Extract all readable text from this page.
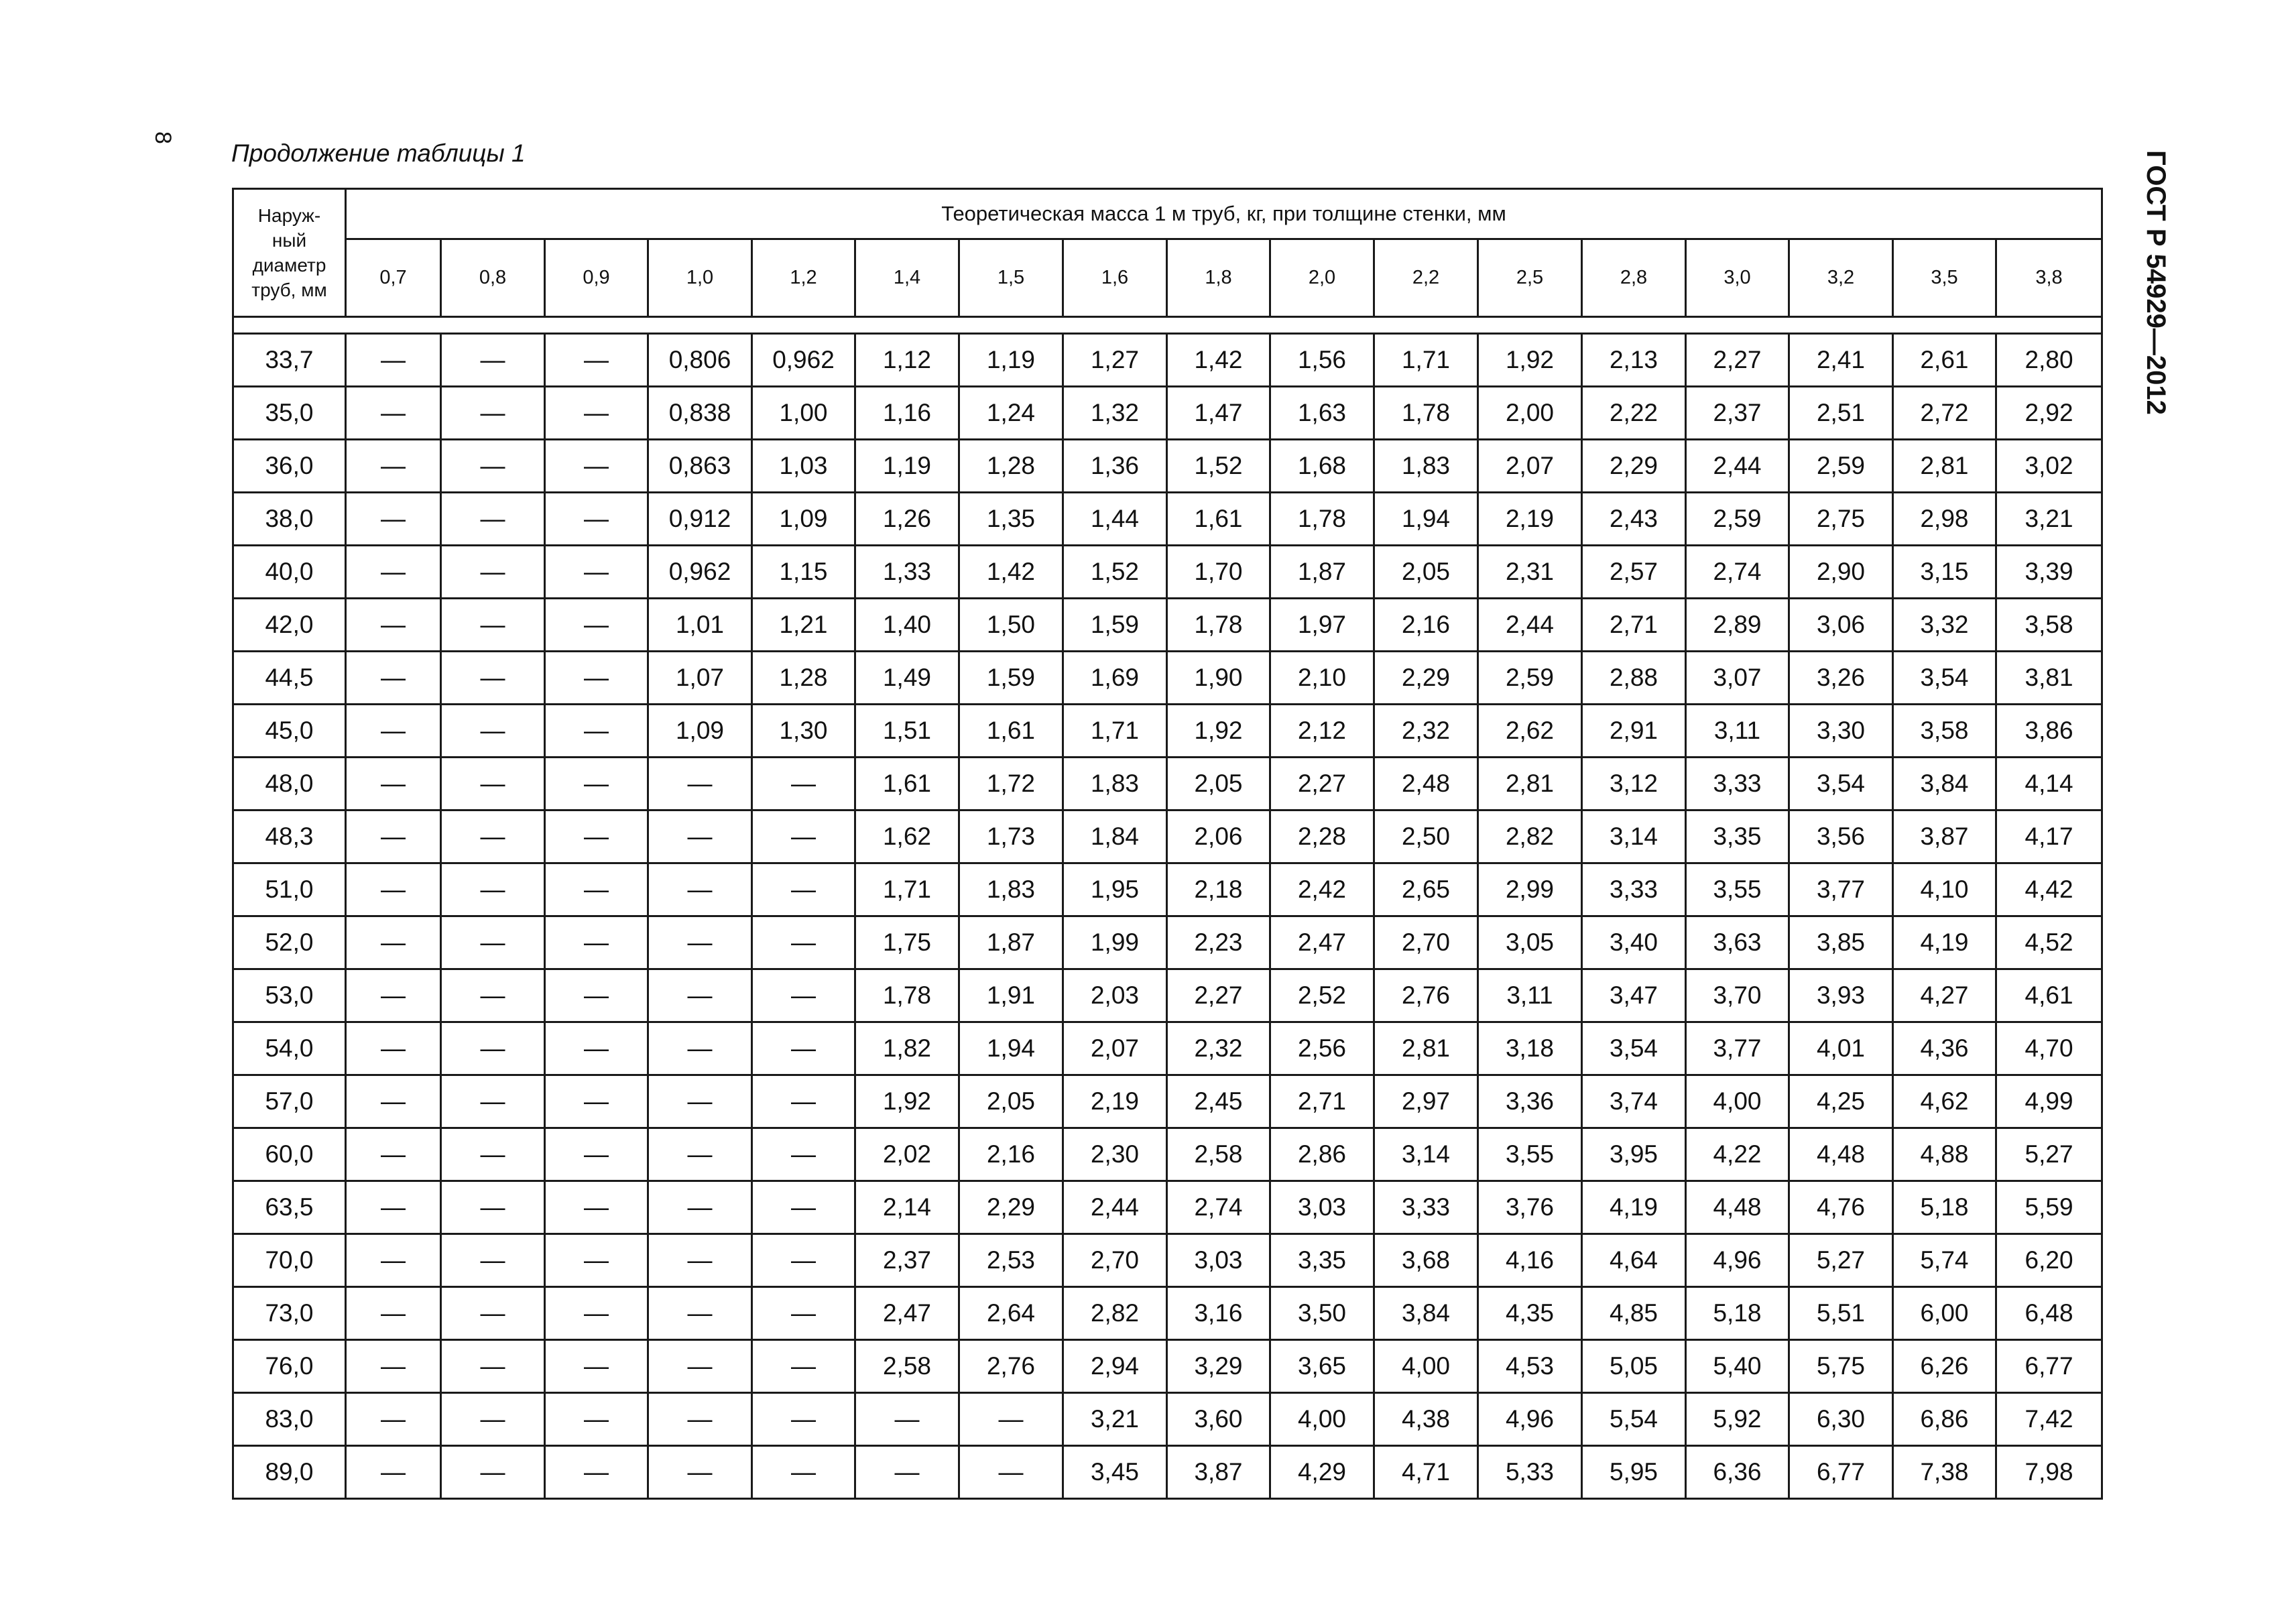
8
Продолжение таблицы 1	ГОСТ Р 54929—2012
Наруж-
ный
диаметр
труб, мм	Теоретическая масса 1 м труб, кг, при толщине стенки, мм																
	0,7	0,8	0,9	1,0	1,2	1,4	1,5	1,6	1,8	2,0	2,2	2,5	2,8	3,0	3,2	3,5	3,8

33,7	—	—	—	0,806	0,962	1,12	1,19	1,27	1,42	1,56	1,71	1,92	2,13	2,27	2,41	2,61	2,80
35,0	—	—	—	0,838	1,00	1,16	1,24	1,32	1,47	1,63	1,78	2,00	2,22	2,37	2,51	2,72	2,92
36,0	—	—	—	0,863	1,03	1,19	1,28	1,36	1,52	1,68	1,83	2,07	2,29	2,44	2,59	2,81	3,02
38,0	—	—	—	0,912	1,09	1,26	1,35	1,44	1,61	1,78	1,94	2,19	2,43	2,59	2,75	2,98	3,21
40,0	—	—	—	0,962	1,15	1,33	1,42	1,52	1,70	1,87	2,05	2,31	2,57	2,74	2,90	3,15	3,39
42,0	—	—	—	1,01	1,21	1,40	1,50	1,59	1,78	1,97	2,16	2,44	2,71	2,89	3,06	3,32	3,58
44,5	—	—	—	1,07	1,28	1,49	1,59	1,69	1,90	2,10	2,29	2,59	2,88	3,07	3,26	3,54	3,81
45,0	—	—	—	1,09	1,30	1,51	1,61	1,71	1,92	2,12	2,32	2,62	2,91	3,11	3,30	3,58	3,86
48,0	—	—	—	—	—	1,61	1,72	1,83	2,05	2,27	2,48	2,81	3,12	3,33	3,54	3,84	4,14
48,3	—	—	—	—	—	1,62	1,73	1,84	2,06	2,28	2,50	2,82	3,14	3,35	3,56	3,87	4,17
51,0	—	—	—	—	—	1,71	1,83	1,95	2,18	2,42	2,65	2,99	3,33	3,55	3,77	4,10	4,42
52,0	—	—	—	—	—	1,75	1,87	1,99	2,23	2,47	2,70	3,05	3,40	3,63	3,85	4,19	4,52
53,0	—	—	—	—	—	1,78	1,91	2,03	2,27	2,52	2,76	3,11	3,47	3,70	3,93	4,27	4,61
54,0	—	—	—	—	—	1,82	1,94	2,07	2,32	2,56	2,81	3,18	3,54	3,77	4,01	4,36	4,70
57,0	—	—	—	—	—	1,92	2,05	2,19	2,45	2,71	2,97	3,36	3,74	4,00	4,25	4,62	4,99
60,0	—	—	—	—	—	2,02	2,16	2,30	2,58	2,86	3,14	3,55	3,95	4,22	4,48	4,88	5,27
63,5	—	—	—	—	—	2,14	2,29	2,44	2,74	3,03	3,33	3,76	4,19	4,48	4,76	5,18	5,59
70,0	—	—	—	—	—	2,37	2,53	2,70	3,03	3,35	3,68	4,16	4,64	4,96	5,27	5,74	6,20
73,0	—	—	—	—	—	2,47	2,64	2,82	3,16	3,50	3,84	4,35	4,85	5,18	5,51	6,00	6,48
76,0	—	—	—	—	—	2,58	2,76	2,94	3,29	3,65	4,00	4,53	5,05	5,40	5,75	6,26	6,77
83,0	—	—	—	—	—	—	—	3,21	3,60	4,00	4,38	4,96	5,54	5,92	6,30	6,86	7,42
89,0	—	—	—	—	—	—	—	3,45	3,87	4,29	4,71	5,33	5,95	6,36	6,77	7,38	7,98
